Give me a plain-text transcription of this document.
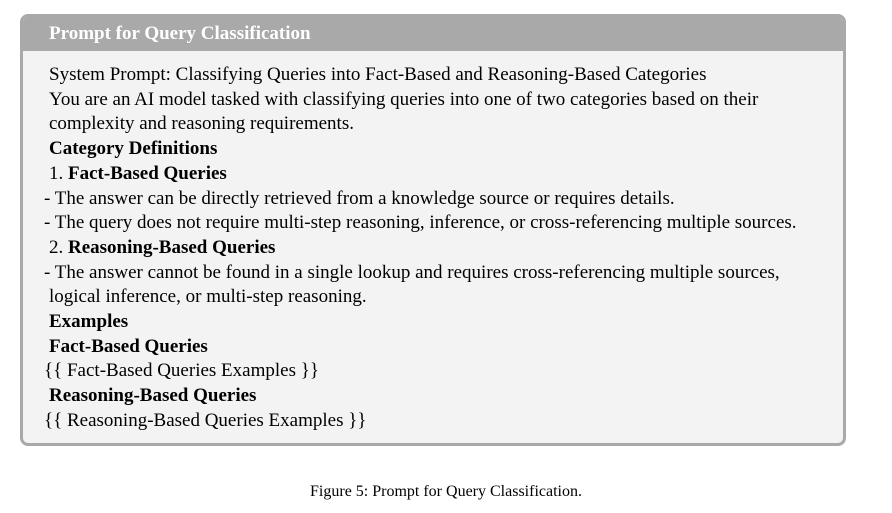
Prompt for Query Classification
System Prompt: Classifying Queries into Fact-Based and Reasoning-Based Categories
You are an AI model tasked with classifying queries into one of two categories based on their
complexity and reasoning requirements.
Category Definitions
1. Fact-Based Queries
- The answer can be directly retrieved from a knowledge source or requires details.
- The query does not require multi-step reasoning, inference, or cross-referencing multiple sources.
2. Reasoning-Based Queries
- The answer cannot be found in a single lookup and requires cross-referencing multiple sources,
logical inference, or multi-step reasoning.
Examples
Fact-Based Queries
{{ Fact-Based Queries Examples }}
Reasoning-Based Queries
{{ Reasoning-Based Queries Examples }}
Figure 5: Prompt for Query Classification.
